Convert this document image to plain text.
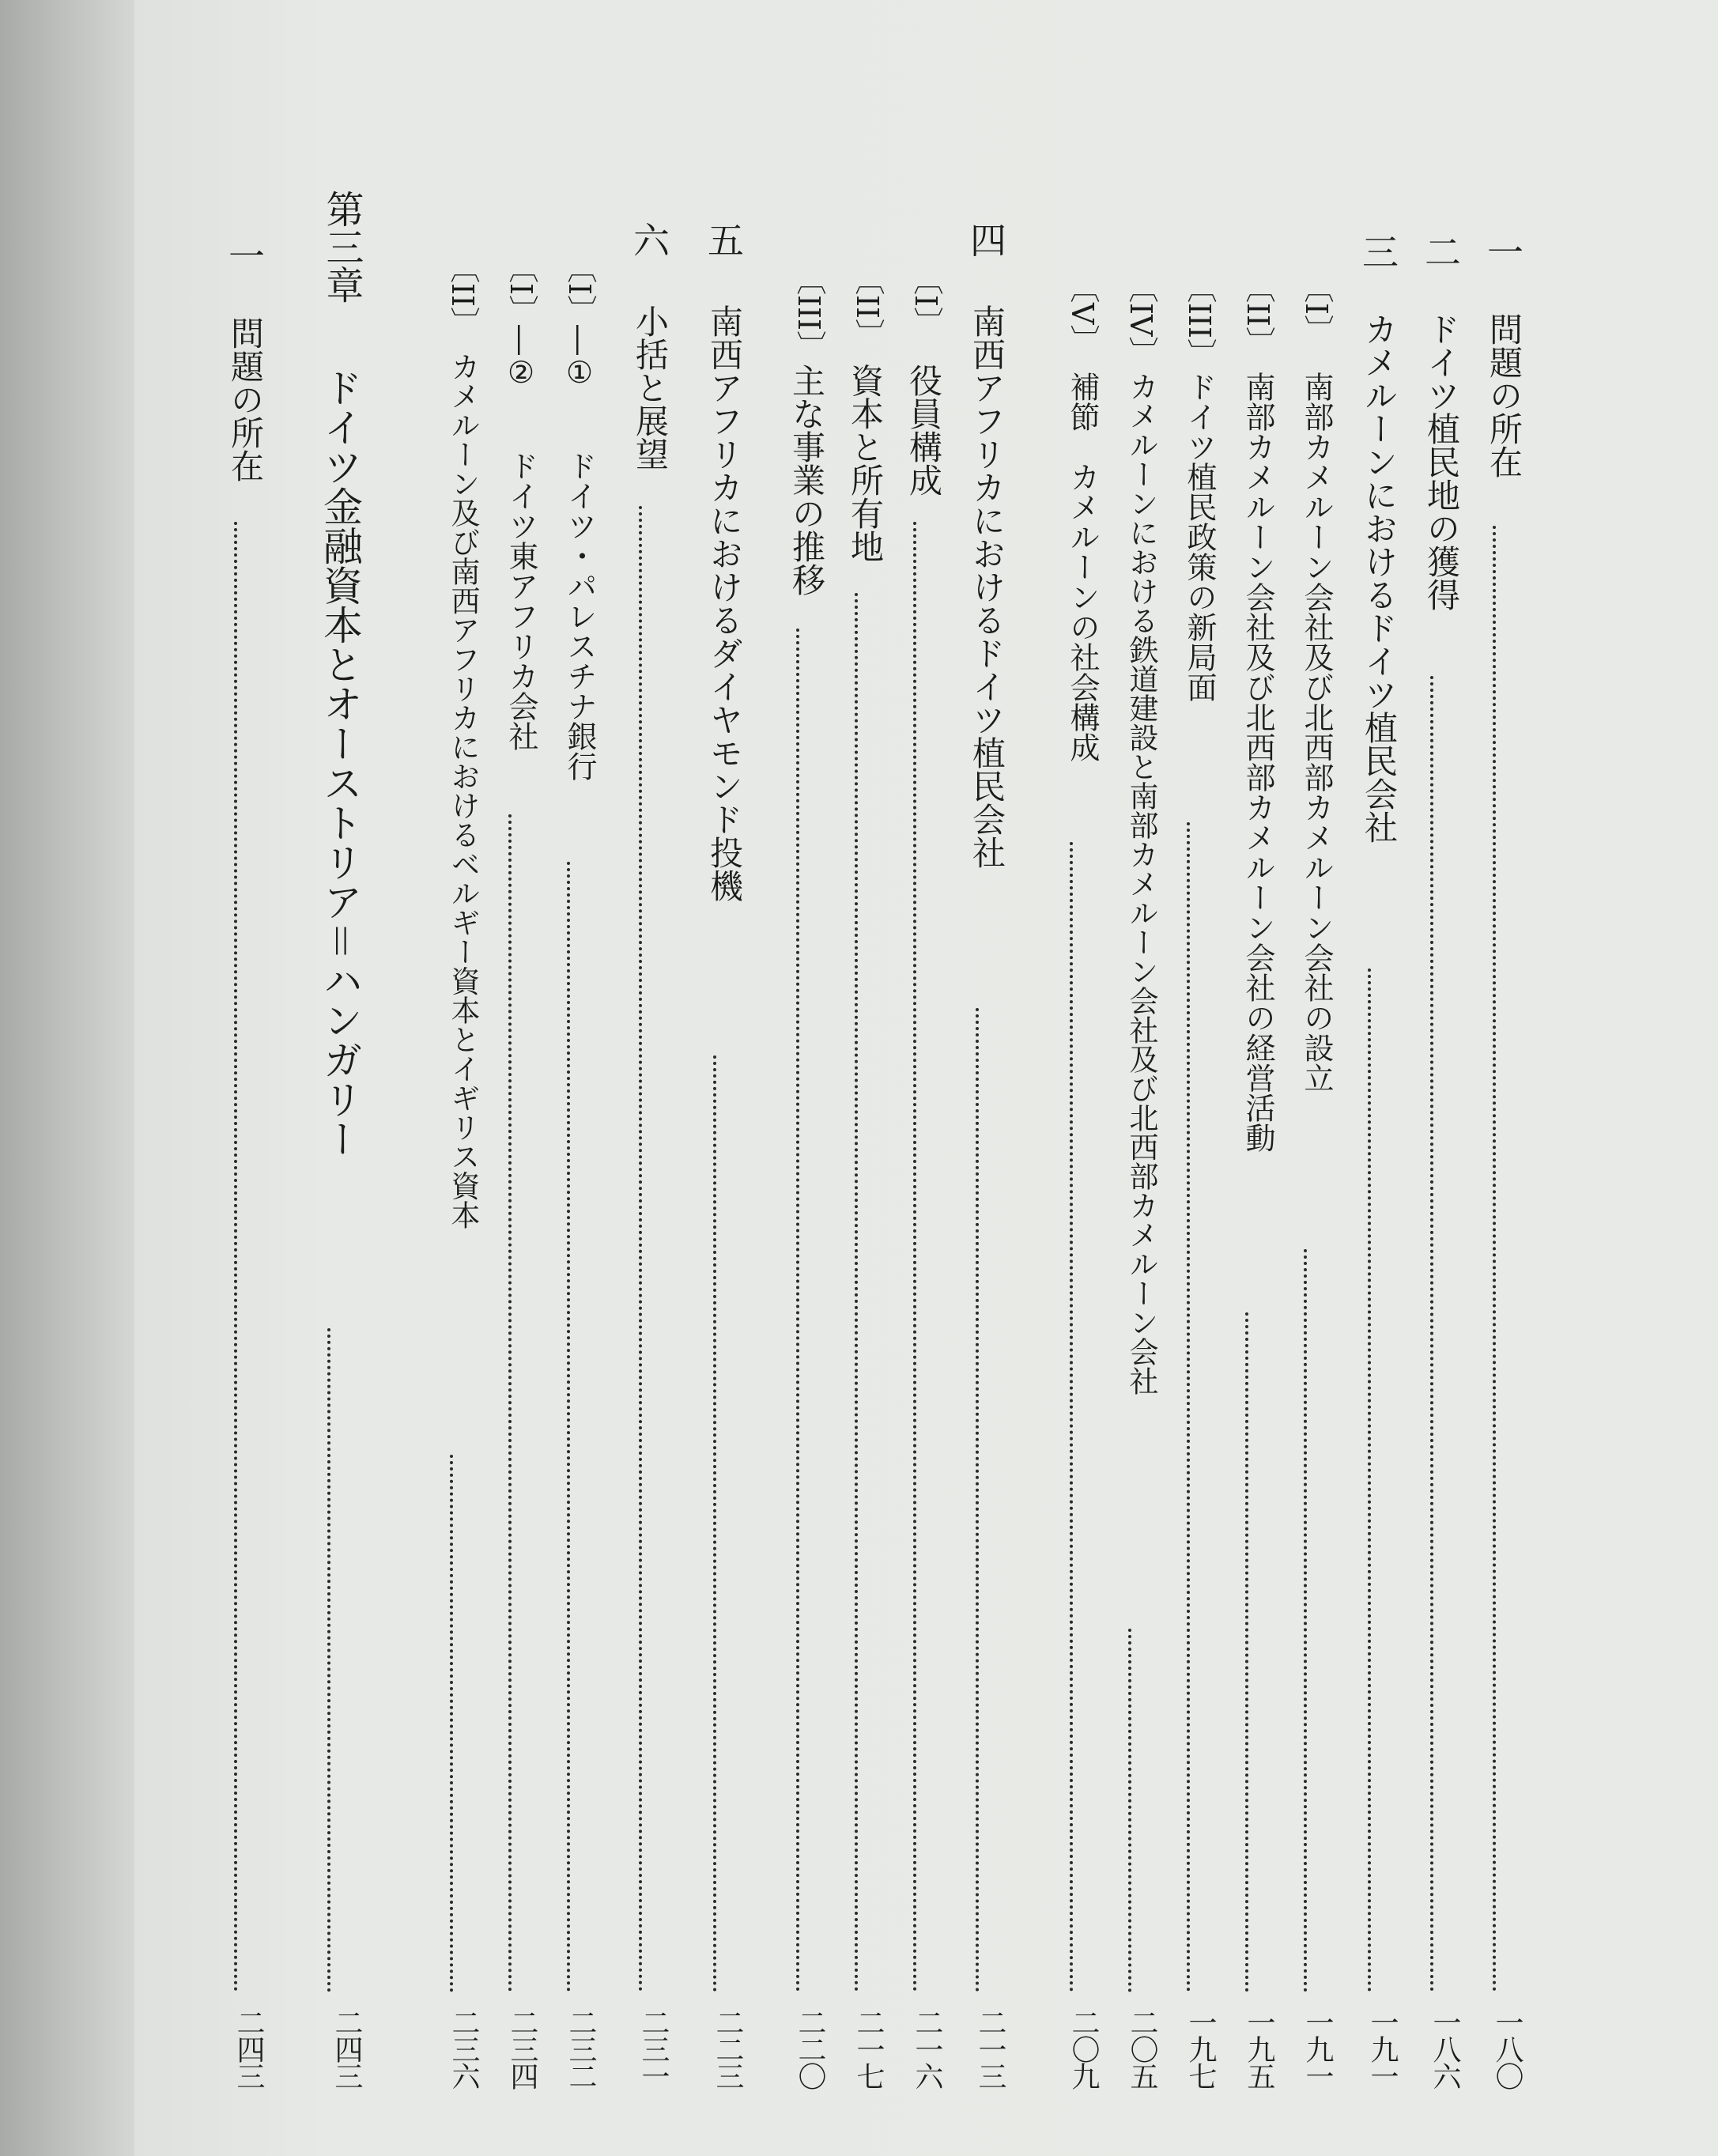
一
問題の所在
一八〇
二
ドイツ植民地の獲得
一八六
三
カメルーンにおけるドイツ植民会社
一九一
〔I〕
南部カメルーン会社及び北西部カメルーン会社の設立
一九一
〔II〕
南部カメルーン会社及び北西部カメルーン会社の経営活動
一九五
〔III〕
ドイツ植民政策の新局面
一九七
〔IV〕
カメルーンにおける鉄道建設と南部カメルーン会社及び北西部カメルーン会社
二〇五
〔V〕
補節　カメルーンの社会構成
二〇九
四
南西アフリカにおけるドイツ植民会社
二一三
〔I〕
役員構成
二一六
〔II〕
資本と所有地
二一七
〔III〕
主な事業の推移
二二〇
五
南西アフリカにおけるダイヤモンド投機
二二三
六
小括と展望
二三一
〔I〕―①
ドイツ・パレスチナ銀行
二三二
〔I〕―②
ドイツ東アフリカ会社
二三四
〔II〕
カメルーン及び南西アフリカにおけるベルギー資本とイギリス資本
二三六
第三章
ドイツ金融資本とオーストリア＝ハンガリー
二四三
一
問題の所在
二四三
